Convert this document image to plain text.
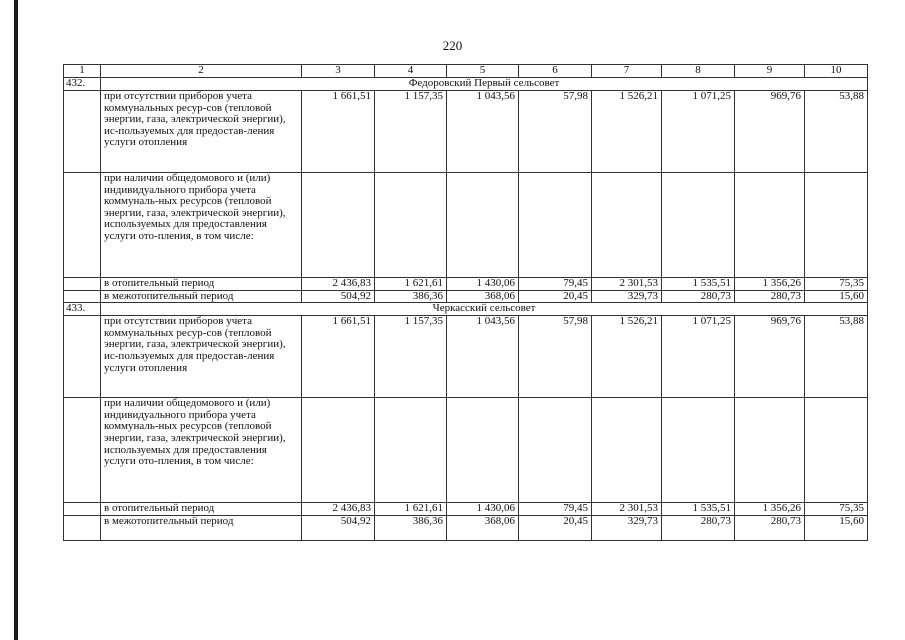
220
1	2	3	4	5	6	7	8	9	10
432.	Федоровский Первый сельсовет								
	при отсутствии приборов учета коммунальных ресур-сов (тепловой энергии, газа, электрической энергии), ис-пользуемых для предостав-ления услуги отопления	1 661,51	1 157,35	1 043,56	57,98	1 526,21	1 071,25	969,76	53,88
	при наличии общедомового и (или) индивидуального прибора учета коммуналь-ных ресурсов (тепловой энергии, газа, электрической энергии), используемых для предоставления услуги ото-пления, в том числе:								
	в отопительный период	2 436,83	1 621,61	1 430,06	79,45	2 301,53	1 535,51	1 356,26	75,35
	в межотопительный период	504,92	386,36	368,06	20,45	329,73	280,73	280,73	15,60
433.	Черкасский сельсовет								
	при отсутствии приборов учета коммунальных ресур-сов (тепловой энергии, газа, электрической энергии), ис-пользуемых для предостав-ления услуги отопления	1 661,51	1 157,35	1 043,56	57,98	1 526,21	1 071,25	969,76	53,88
	при наличии общедомового и (или) индивидуального прибора учета коммуналь-ных ресурсов (тепловой энергии, газа, электрической энергии), используемых для предоставления услуги ото-пления, в том числе:								
	в отопительный период	2 436,83	1 621,61	1 430,06	79,45	2 301,53	1 535,51	1 356,26	75,35
	в межотопительный период	504,92	386,36	368,06	20,45	329,73	280,73	280,73	15,60
